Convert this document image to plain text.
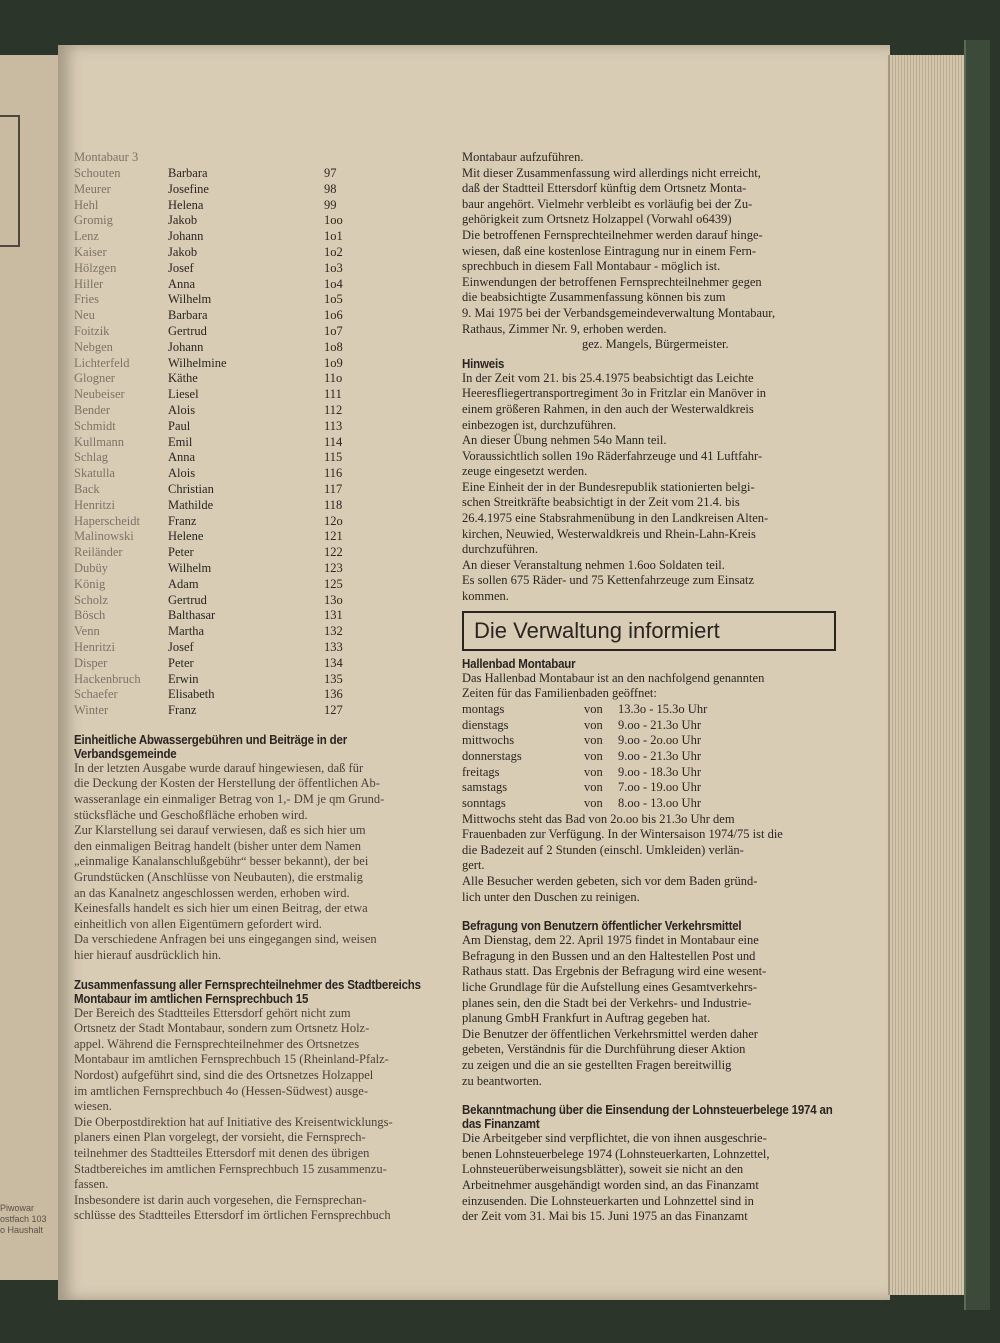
Piwowar
ostfach 103
o Haushalt
Montabaur 3
Schouten	Barbara	97
Meurer	Josefine	98
Hehl	Helena	99
Gromig	Jakob	1oo
Lenz	Johann	1o1
Kaiser	Jakob	1o2
Hölzgen	Josef	1o3
Hiller	Anna	1o4
Fries	Wilhelm	1o5
Neu	Barbara	1o6
Foitzik	Gertrud	1o7
Nebgen	Johann	1o8
Lichterfeld	Wilhelmine	1o9
Glogner	Käthe	11o
Neubeiser	Liesel	111
Bender	Alois	112
Schmidt	Paul	113
Kullmann	Emil	114
Schlag	Anna	115
Skatulla	Alois	116
Back	Christian	117
Henritzi	Mathilde	118
Haperscheidt	Franz	12o
Malinowski	Helene	121
Reiländer	Peter	122
Dubüy	Wilhelm	123
König	Adam	125
Scholz	Gertrud	13o
Bösch	Balthasar	131
Venn	Martha	132
Henritzi	Josef	133
Disper	Peter	134
Hackenbruch	Erwin	135
Schaefer	Elisabeth	136
Winter	Franz	127
Einheitliche Abwassergebühren und Beiträge in der Verbandsgemeinde

In der letzten Ausgabe wurde darauf hingewiesen, daß für

die Deckung der Kosten der Herstellung der öffentlichen Ab-

wasseranlage ein einmaliger Betrag von 1,- DM je qm Grund-

stücksfläche und Geschoßfläche erhoben wird.

Zur Klarstellung sei darauf verwiesen, daß es sich hier um

den einmaligen Beitrag handelt (bisher unter dem Namen

„einmalige Kanalanschlußgebühr“ besser bekannt), der bei

Grundstücken (Anschlüsse von Neubauten), die erstmalig

an das Kanalnetz angeschlossen werden, erhoben wird.

Keinesfalls handelt es sich hier um einen Beitrag, der etwa

einheitlich von allen Eigentümern gefordert wird.

Da verschiedene Anfragen bei uns eingegangen sind, weisen

hier hierauf ausdrücklich hin.

Zusammenfassung aller Fernsprechteilnehmer des Stadtbereichs Montabaur im amtlichen Fernsprechbuch 15

Der Bereich des Stadtteiles Ettersdorf gehört nicht zum

Ortsnetz der Stadt Montabaur, sondern zum Ortsnetz Holz-

appel. Während die Fernsprechteilnehmer des Ortsnetzes

Montabaur im amtlichen Fernsprechbuch 15 (Rheinland-Pfalz-

Nordost) aufgeführt sind, sind die des Ortsnetzes Holzappel

im amtlichen Fernsprechbuch 4o (Hessen-Südwest) ausge-

wiesen.

Die Oberpostdirektion hat auf Initiative des Kreisentwicklungs-

planers einen Plan vorgelegt, der vorsieht, die Fernsprech-

teilnehmer des Stadtteiles Ettersdorf mit denen des übrigen

Stadtbereiches im amtlichen Fernsprechbuch 15 zusammenzu-

fassen.

Insbesondere ist darin auch vorgesehen, die Fernsprechan-

schlüsse des Stadtteiles Ettersdorf im örtlichen Fernsprechbuch

Montabaur aufzuführen.

Mit dieser Zusammenfassung wird allerdings nicht erreicht,

daß der Stadtteil Ettersdorf künftig dem Ortsnetz Monta-

baur angehört. Vielmehr verbleibt es vorläufig bei der Zu-

gehörigkeit zum Ortsnetz Holzappel (Vorwahl o6439)

Die betroffenen Fernsprechteilnehmer werden darauf hinge-

wiesen, daß eine kostenlose Eintragung nur in einem Fern-

sprechbuch in diesem Fall Montabaur - möglich ist.

Einwendungen der betroffenen Fernsprechteilnehmer gegen

die beabsichtigte Zusammenfassung können bis zum

9. Mai 1975 bei der Verbandsgemeindeverwaltung Montabaur,

Rathaus, Zimmer Nr. 9, erhoben werden.

gez. Mangels, Bürgermeister.
Hinweis

In der Zeit vom 21. bis 25.4.1975 beabsichtigt das Leichte

Heeresfliegertransportregiment 3o in Fritzlar ein Manöver in

einem größeren Rahmen, in den auch der Westerwaldkreis

einbezogen ist, durchzuführen.

An dieser Übung nehmen 54o Mann teil.

Voraussichtlich sollen 19o Räderfahrzeuge und 41 Luftfahr-

zeuge eingesetzt werden.

Eine Einheit der in der Bundesrepublik stationierten belgi-

schen Streitkräfte beabsichtigt in der Zeit vom 21.4. bis

26.4.1975 eine Stabsrahmenübung in den Landkreisen Alten-

kirchen, Neuwied, Westerwaldkreis und Rhein-Lahn-Kreis

durchzuführen.

An dieser Veranstaltung nehmen 1.6oo Soldaten teil.

Es sollen 675 Räder- und 75 Kettenfahrzeuge zum Einsatz

kommen.

Die Verwaltung informiert
Hallenbad Montabaur

Das Hallenbad Montabaur ist an den nachfolgend genannten

Zeiten für das Familienbaden geöffnet:

montags	von	13.3o - 15.3o Uhr
dienstags	von	9.oo - 21.3o Uhr
mittwochs	von	9.oo - 2o.oo Uhr
donnerstags	von	9.oo - 21.3o Uhr
freitags	von	9.oo - 18.3o Uhr
samstags	von	7.oo - 19.oo Uhr
sonntags	von	8.oo - 13.oo Uhr

Mittwochs steht das Bad von 2o.oo bis 21.3o Uhr dem

Frauenbaden zur Verfügung. In der Wintersaison 1974/75 ist die

die Badezeit auf 2 Stunden (einschl. Umkleiden) verlän-

gert.

Alle Besucher werden gebeten, sich vor dem Baden gründ-

lich unter den Duschen zu reinigen.

Befragung von Benutzern öffentlicher Verkehrsmittel

Am Dienstag, dem 22. April 1975 findet in Montabaur eine

Befragung in den Bussen und an den Haltestellen Post und

Rathaus statt. Das Ergebnis der Befragung wird eine wesent-

liche Grundlage für die Aufstellung eines Gesamtverkehrs-

planes sein, den die Stadt bei der Verkehrs- und Industrie-

planung GmbH Frankfurt in Auftrag gegeben hat.

Die Benutzer der öffentlichen Verkehrsmittel werden daher

gebeten, Verständnis für die Durchführung dieser Aktion

zu zeigen und die an sie gestellten Fragen bereitwillig

zu beantworten.

Bekanntmachung über die Einsendung der Lohnsteuerbelege 1974 an das Finanzamt

Die Arbeitgeber sind verpflichtet, die von ihnen ausgeschrie-

benen Lohnsteuerbelege 1974 (Lohnsteuerkarten, Lohnzettel,

Lohnsteuerüberweisungsblätter), soweit sie nicht an den

Arbeitnehmer ausgehändigt worden sind, an das Finanzamt

einzusenden. Die Lohnsteuerkarten und Lohnzettel sind in

der Zeit vom 31. Mai bis 15. Juni 1975 an das Finanzamt
